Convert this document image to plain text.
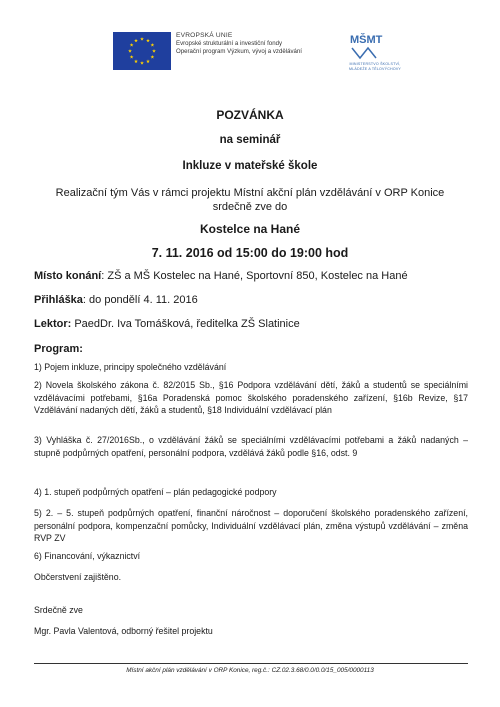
EVROPSKÁ UNIE
Evropské strukturální a investiční fondy
Operační program Výzkum, vývoj a vzdělávání
MŠMT
MINISTERSTVO ŠKOLSTVÍ,
MLÁDEŽE A TĚLOVÝCHOVY
POZVÁNKA
na seminář
Inkluze v mateřské škole
Realizační tým Vás v rámci projektu Místní akční plán vzdělávání v ORP Konice srdečně zve do
Kostelce na Hané
7. 11. 2016 od 15:00 do 19:00 hod
Místo konání: ZŠ a MŠ Kostelec na Hané, Sportovní 850, Kostelec na Hané
Přihláška: do pondělí 4. 11. 2016
Lektor: PaedDr. Iva Tomášková, ředitelka ZŠ Slatinice
Program:
1) Pojem inkluze, principy společného vzdělávání
2) Novela školského zákona č. 82/2015 Sb., §16 Podpora vzdělávání dětí, žáků a studentů se speciálními vzdělávacími potřebami, §16a Poradenská pomoc školského poradenského zařízení, §16b Revize, §17 Vzdělávání nadaných dětí, žáků a studentů, §18 Individuální vzdělávací plán
3) Vyhláška č. 27/2016Sb., o vzdělávání žáků se speciálními vzdělávacími potřebami a žáků nadaných – stupně podpůrných opatření, personální podpora, vzdělává žáků podle §16, odst. 9
4) 1. stupeň podpůrných opatření – plán pedagogické podpory
5) 2. – 5. stupeň podpůrných opatření, finanční náročnost – doporučení školského poradenského zařízení, personální podpora, kompenzační pomůcky, Individuální vzdělávací plán, změna výstupů vzdělávání – změna RVP ZV
6) Financování, výkaznictví
Občerstvení zajištěno.
Srdečně zve
Mgr. Pavla Valentová, odborný řešitel projektu
Místní akční plán vzdělávání v ORP Konice, reg.č.: CZ.02.3.68/0.0/0.0/15_005/0000113
